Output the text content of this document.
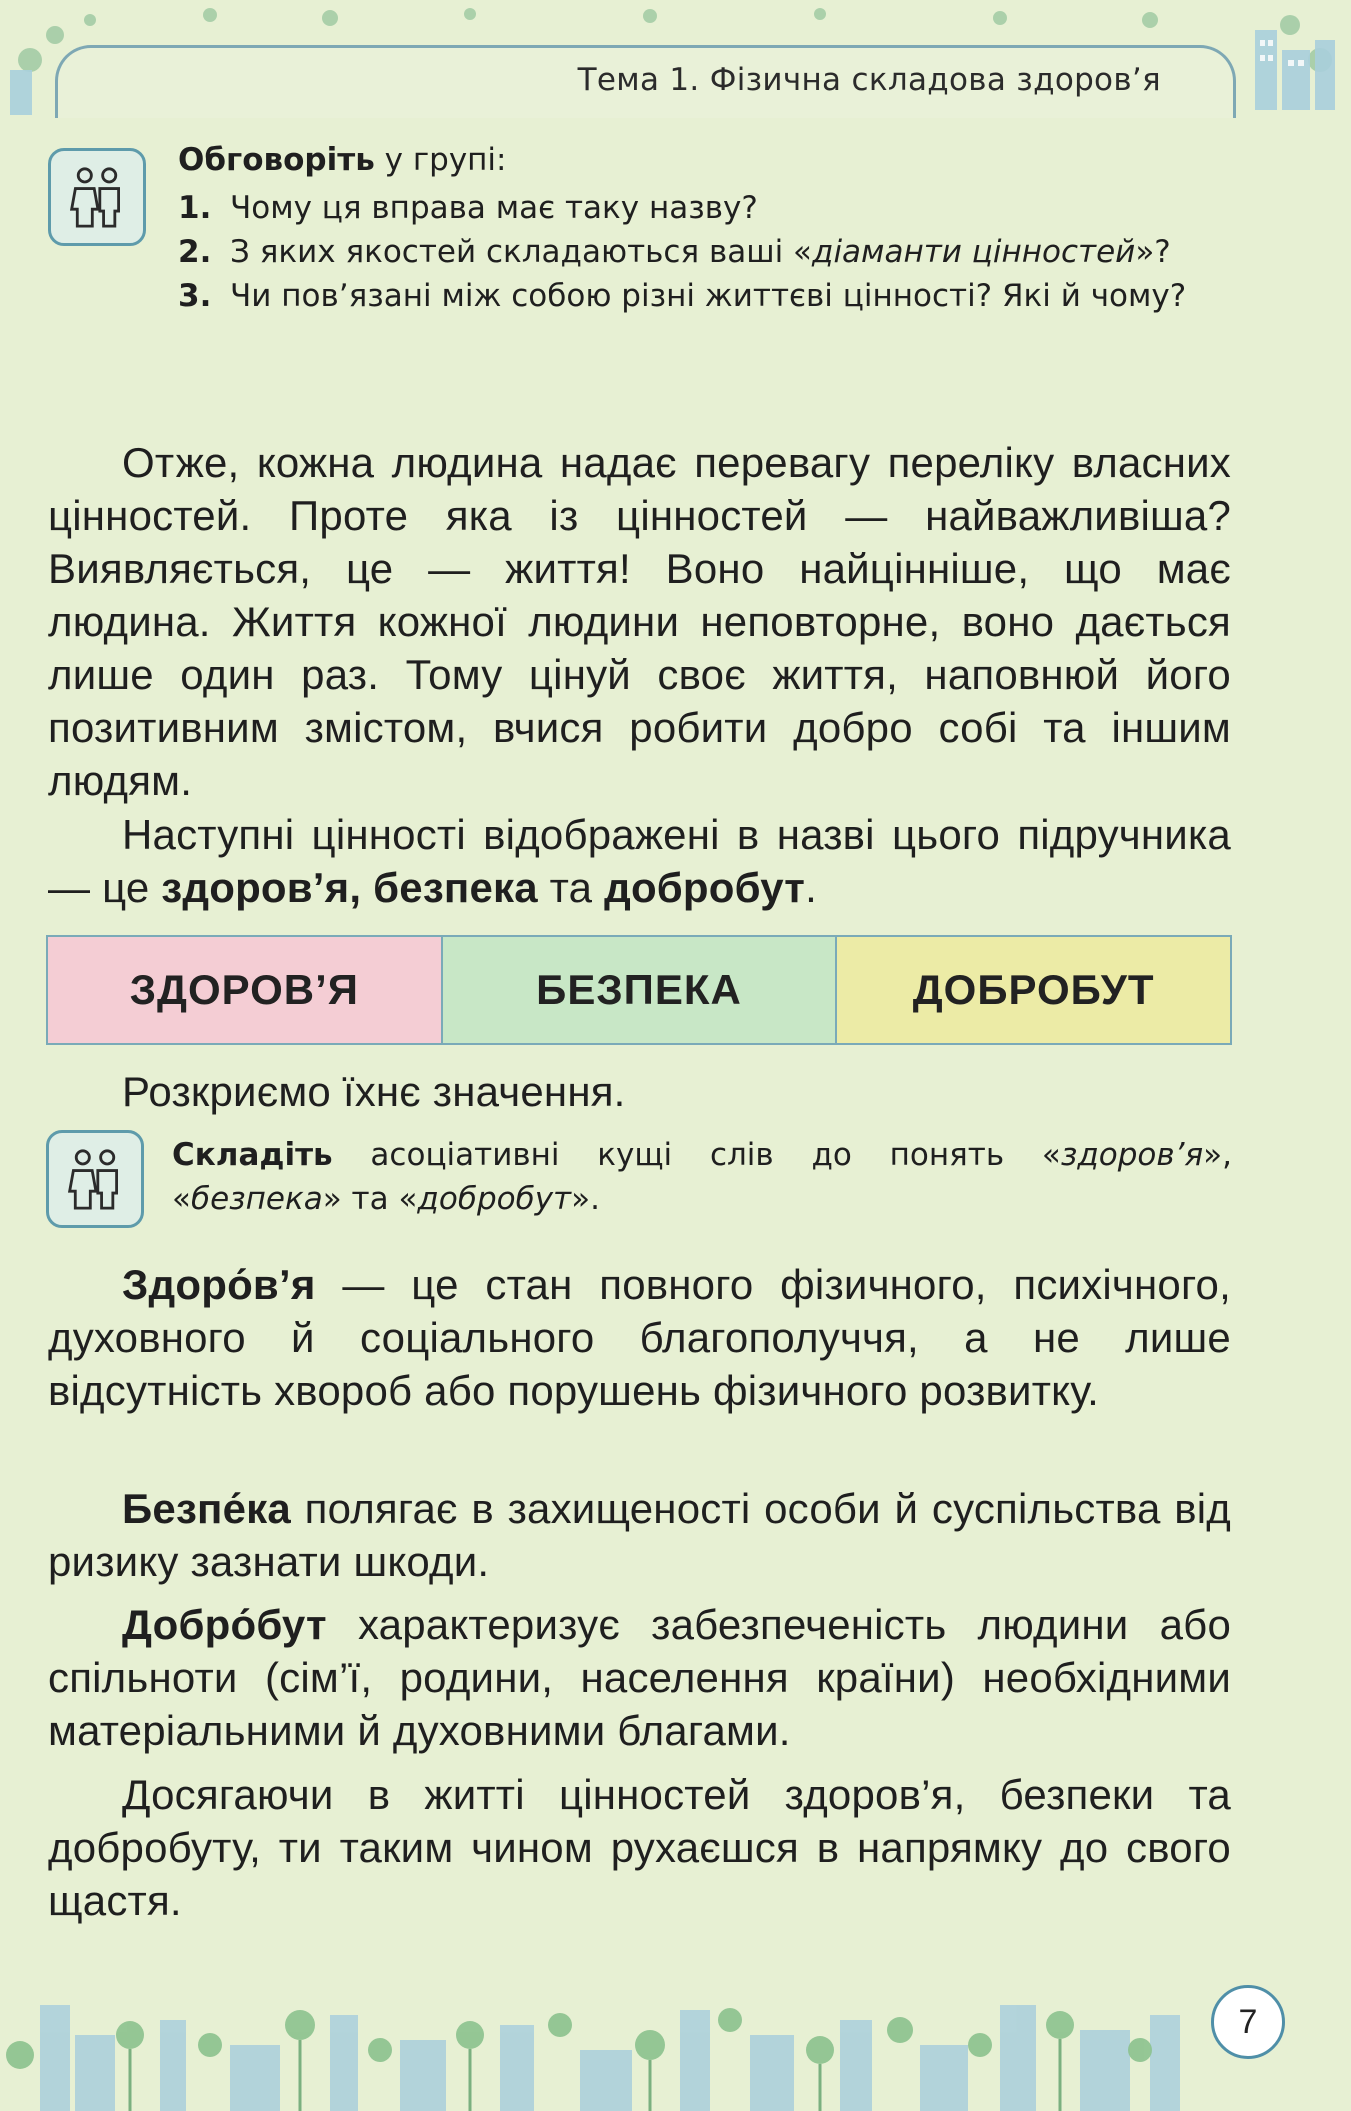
Тема 1. Фізична складова здоров’я
Обговоріть у групі:
1. Чому ця вправа має таку назву?
2. З яких якостей складаються ваші «діаманти цінностей»?
3. Чи пов’язані між собою різні життєві цінності? Які й чому?
Отже, кожна людина надає перевагу переліку власних цінностей. Проте яка із цінностей — найважливіша? Виявляється, це — життя! Воно найцінніше, що має людина. Життя кожної людини неповторне, воно дається лише один раз. Тому цінуй своє життя, наповнюй його позитивним змістом, вчися робити добро собі та іншим людям.
Наступні цінності відображені в назві цього підручника — це здоров’я, безпека та добробут.
ЗДОРОВ’Я	БЕЗПЕКА	ДОБРОБУТ
Розкриємо їхнє значення.
Складіть асоціативні кущі слів до понять «здоров’я», «безпека» та «добробут».
Здоро́в’я — це стан повного фізичного, психічного, духовного й соціального благополуччя, а не лише відсутність хвороб або порушень фізичного розвитку.
Безпе́ка полягає в захищеності особи й суспільства від ризику зазнати шкоди.
Добро́бут характеризує забезпеченість людини або спільноти (сім’ї, родини, населення країни) необхідними матеріальними й духовними благами.
Досягаючи в житті цінностей здоров’я, безпеки та добробуту, ти таким чином рухаєшся в напрямку до свого щастя.
7
